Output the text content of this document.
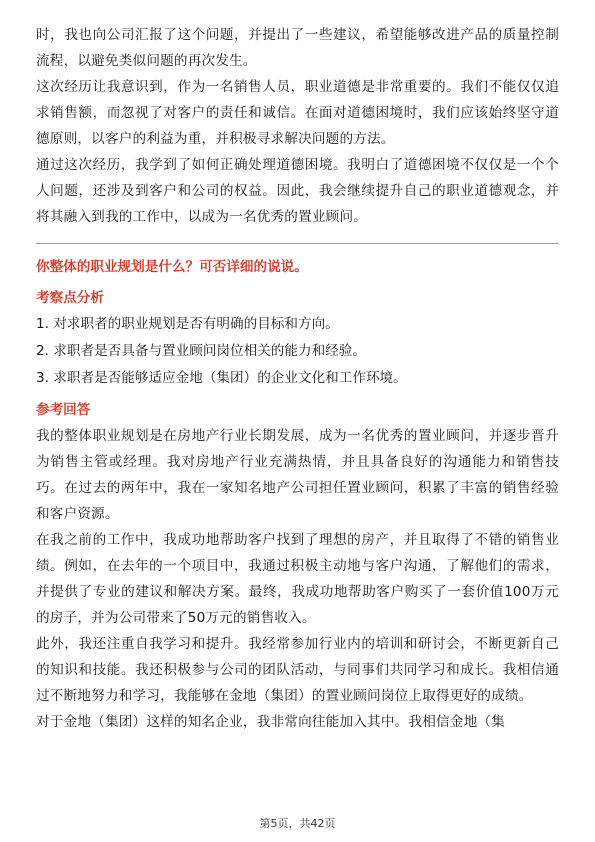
时，我也向公司汇报了这个问题，并提出了一些建议，希望能够改进产品的质量控制流程，以避免类似问题的再次发生。

这次经历让我意识到，作为一名销售人员，职业道德是非常重要的。我们不能仅仅追求销售额，而忽视了对客户的责任和诚信。在面对道德困境时，我们应该始终坚守道德原则，以客户的利益为重，并积极寻求解决问题的方法。

通过这次经历，我学到了如何正确处理道德困境。我明白了道德困境不仅仅是一个个人问题，还涉及到客户和公司的权益。因此，我会继续提升自己的职业道德观念，并将其融入到我的工作中，以成为一名优秀的置业顾问。

你整体的职业规划是什么？可否详细的说说。

考察点分析

1. 对求职者的职业规划是否有明确的目标和方向。

2. 求职者是否具备与置业顾问岗位相关的能力和经验。

3. 求职者是否能够适应金地（集团）的企业文化和工作环境。

参考回答

我的整体职业规划是在房地产行业长期发展，成为一名优秀的置业顾问，并逐步晋升为销售主管或经理。我对房地产行业充满热情，并且具备良好的沟通能力和销售技巧。在过去的两年中，我在一家知名地产公司担任置业顾问，积累了丰富的销售经验和客户资源。

在我之前的工作中，我成功地帮助客户找到了理想的房产，并且取得了不错的销售业绩。例如，在去年的一个项目中，我通过积极主动地与客户沟通，了解他们的需求，并提供了专业的建议和解决方案。最终，我成功地帮助客户购买了一套价值100万元的房子，并为公司带来了50万元的销售收入。

此外，我还注重自我学习和提升。我经常参加行业内的培训和研讨会，不断更新自己的知识和技能。我还积极参与公司的团队活动，与同事们共同学习和成长。我相信通过不断地努力和学习，我能够在金地（集团）的置业顾问岗位上取得更好的成绩。

对于金地（集团）这样的知名企业，我非常向往能加入其中。我相信金地（集

第5页，共42页
